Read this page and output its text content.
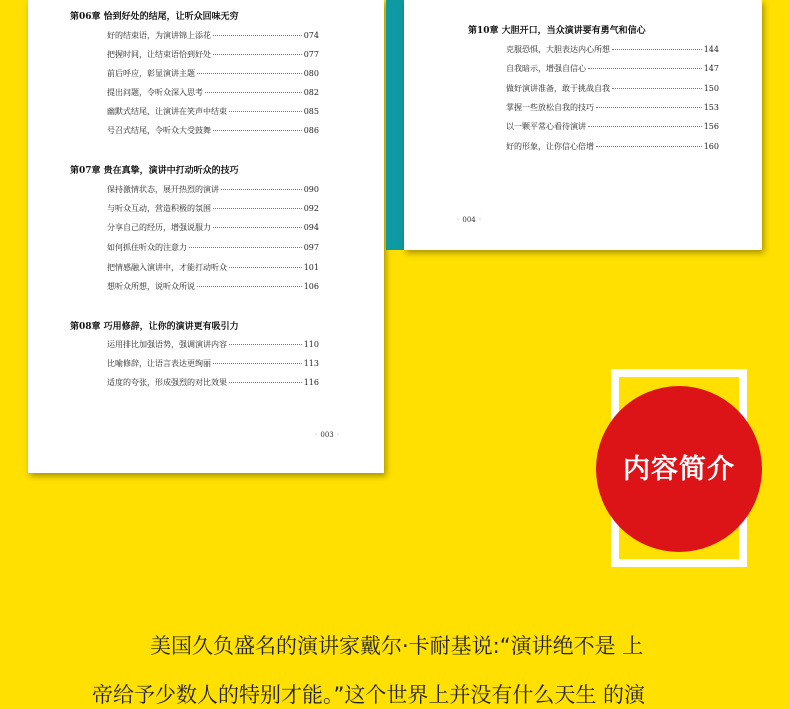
第06章 恰到好处的结尾，让听众回味无穷
好的结束语，为演讲锦上添花	074
把握时间，让结束语恰到好处	077
前后呼应，彰显演讲主题	080
提出问题，令听众深入思考	082
幽默式结尾，让演讲在笑声中结束	085
号召式结尾，令听众大受鼓舞	086
第07章 贵在真挚，演讲中打动听众的技巧
保持激情状态，展开热烈的演讲	090
与听众互动，营造积极的氛围	092
分享自己的经历，增强说服力	094
如何抓住听众的注意力	097
把情感融入演讲中，才能打动听众	101
想听众所想，说听众所说	106
第08章 巧用修辞，让你的演讲更有吸引力
运用排比加强语势，强调演讲内容	110
比喻修辞，让语言表达更绚丽	113
适度的夸张，形成强烈的对比效果	116
◦ 003 ◦
第10章 大胆开口，当众演讲要有勇气和信心
克服恐惧，大胆表达内心所想	144
自我暗示，增强自信心	147
做好演讲准备，敢于挑战自我	150
掌握一些放松自我的技巧	153
以一颗平常心看待演讲	156
好的形象，让你信心倍增	160
◦ 004 ◦
内容简介
美国久负盛名的演讲家戴尔·卡耐基说:“演讲绝不是 上
帝给予少数人的特别才能。”这个世界上并没有什么天生 的演
